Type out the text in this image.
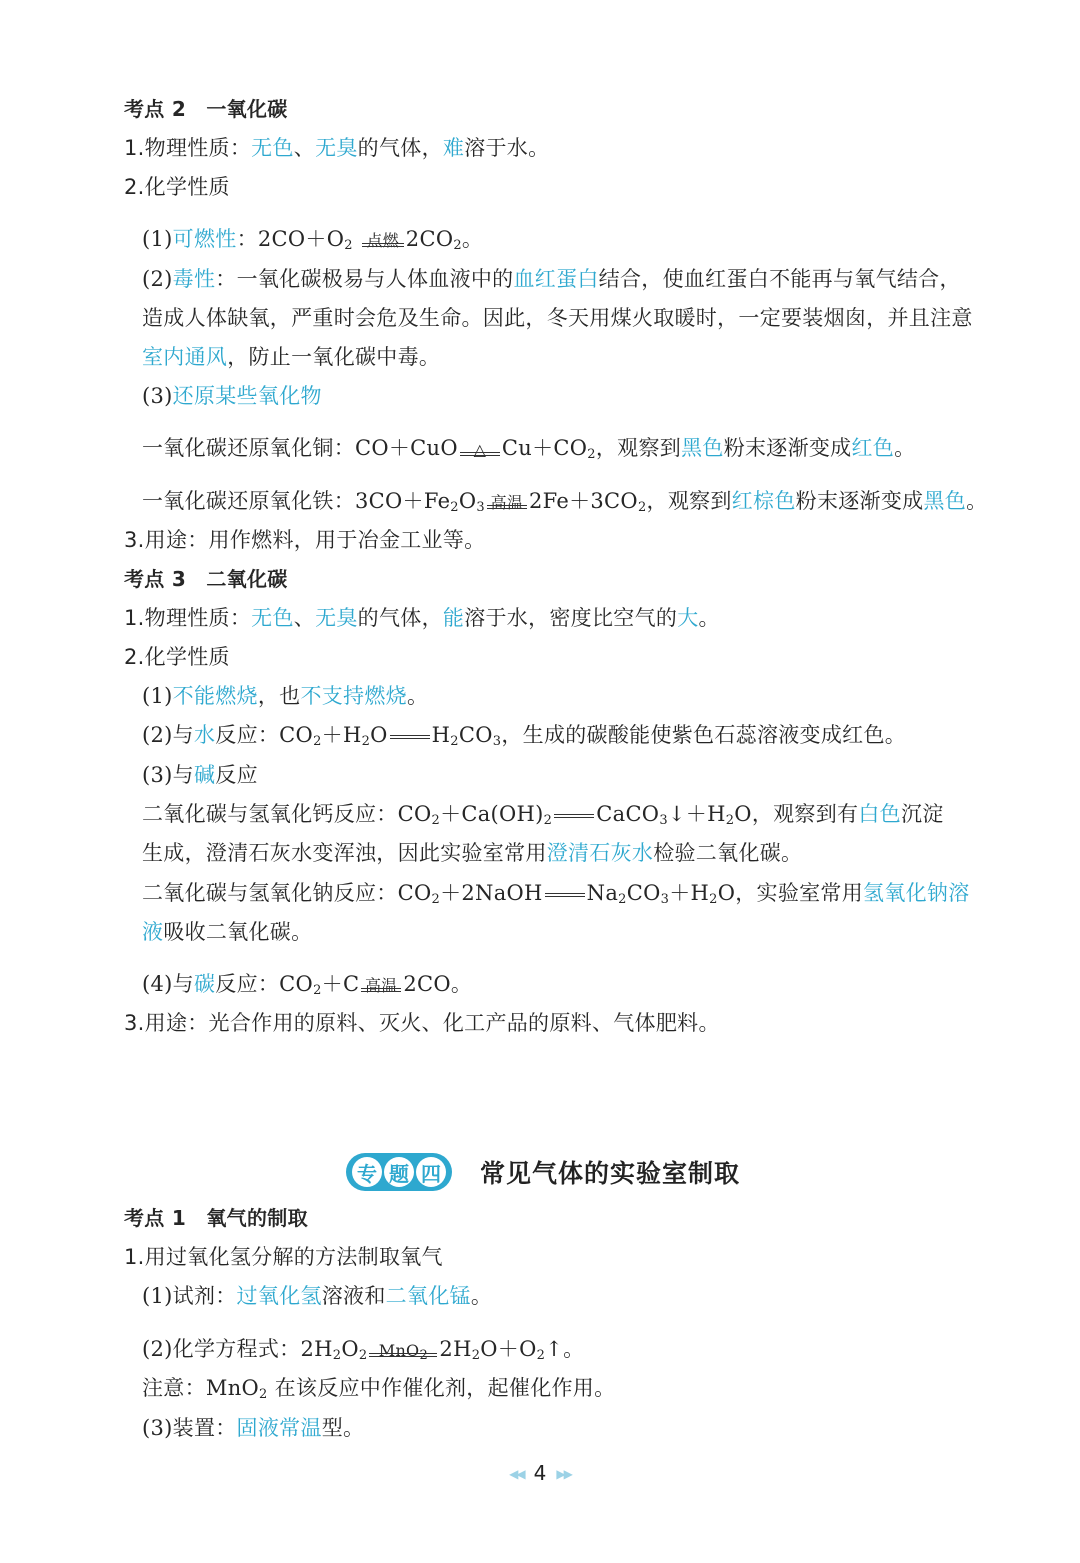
考点 2　一氧化碳
1.物理性质：无色、无臭的气体，难溶于水。
2.化学性质
(1)可燃性：$2CO+O_2$ 点燃 $2CO_2$。
(2)毒性：一氧化碳极易与人体血液中的血红蛋白结合，使血红蛋白不能再与氧气结合，
造成人体缺氧，严重时会危及生命。因此，冬天用煤火取暖时，一定要装烟囱，并且注意
室内通风，防止一氧化碳中毒。
(3)还原某些氧化物
一氧化碳还原氧化铜：CO＋CuO △ $Cu+CO_2$，观察到黑色粉末逐渐变成红色。
一氧化碳还原氧化铁：$3CO+Fe_2O_3$ 高温 $2Fe+3CO_2$，观察到红棕色粉末逐渐变成黑色。
3.用途：用作燃料，用于冶金工业等。
考点 3　二氧化碳
1.物理性质：无色、无臭的气体，能溶于水，密度比空气的大。
2.化学性质
(1)不能燃烧，也不支持燃烧。
(2)与水反应：$CO_2+H_2O$ $H_2CO_3$，生成的碳酸能使紫色石蕊溶液变成红色。
(3)与碱反应
二氧化碳与氢氧化钙反应：$CO_2+Ca(OH)_2$ $CaCO_3↓+H_2O$，观察到有白色沉淀
生成，澄清石灰水变浑浊，因此实验室常用澄清石灰水检验二氧化碳。
二氧化碳与氢氧化钠反应：$CO_2+2NaOH$ $Na_2CO_3+H_2O$，实验室常用氢氧化钠溶
液吸收二氧化碳。
(4)与碳反应：$CO_2+C$ 高温 2CO。
3.用途：光合作用的原料、灭火、化工产品的原料、气体肥料。
专 题 四 常见气体的实验室制取
考点 1　氧气的制取
1.用过氧化氢分解的方法制取氧气
(1)试剂：过氧化氢溶液和二氧化锰。
(2)化学方程式：$2H_2O_2$ MnO$_2$ $2H_2O+O_2↑$。
注意：MnO$_2$ 在该反应中作催化剂，起催化作用。
(3)装置：固液常温型。
◀◀ 4 ▶▶
